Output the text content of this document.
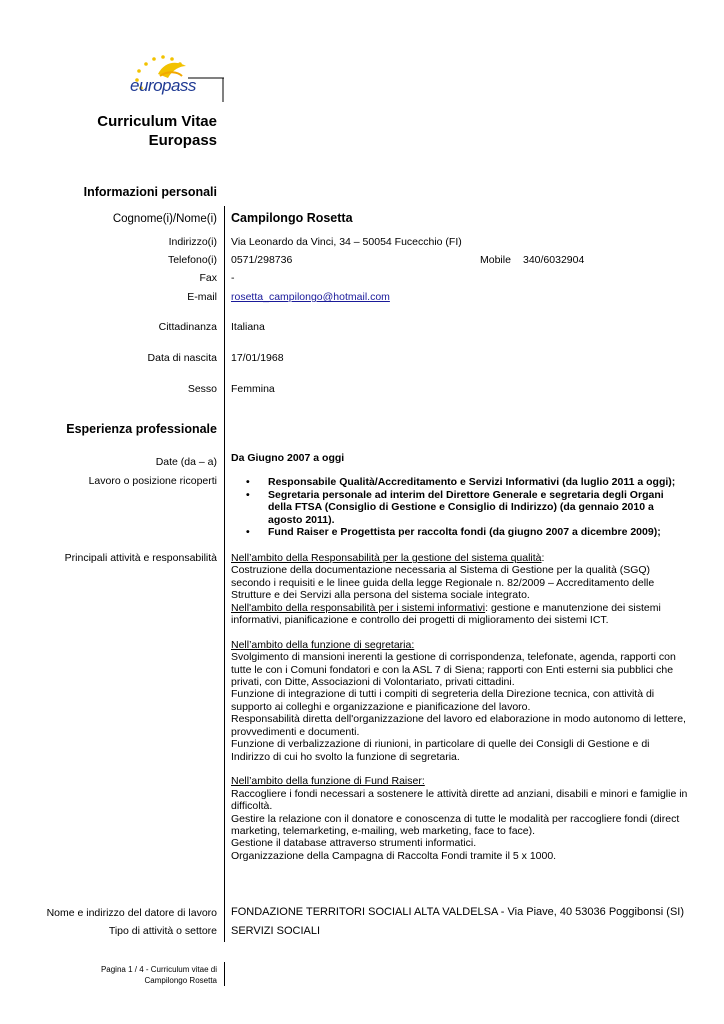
europass
Curriculum Vitae
Europass
Informazioni personali
Cognome(i)/Nome(i) Campilongo Rosetta
Indirizzo(i) Via Leonardo da Vinci, 34 – 50054 Fucecchio (FI)
Telefono(i) 0571/298736	Mobile 340/6032904
Fax -
E-mail rosetta_campilongo@hotmail.com
Cittadinanza Italiana
Data di nascita 17/01/1968
Sesso Femmina
Esperienza professionale
Date (da – a) Da Giugno 2007 a oggi
Lavoro o posizione ricoperti	• Responsabile Qualità/Accreditamento e Servizi Informativi (da luglio 2011 a oggi);
• Segretaria personale ad interim del Direttore Generale e segretaria degli Organi della FTSA (Consiglio di Gestione e Consiglio di Indirizzo) (da gennaio 2010 a agosto 2011).
• Fund Raiser e Progettista per raccolta fondi (da giugno 2007 a dicembre 2009);
Principali attività e responsabilità Nell’ambito della Responsabilità per la gestione del sistema qualità:

Costruzione della documentazione necessaria al Sistema di Gestione per la qualità (SGQ) secondo i requisiti e le linee guida della legge Regionale n. 82/2009 – Accreditamento delle Strutture e dei Servizi alla persona del sistema sociale integrato.

Nell'ambito della responsabilità per i sistemi informativi: gestione e manutenzione dei sistemi informativi, pianificazione e controllo dei progetti di miglioramento dei sistemi ICT.

Nell’ambito della funzione di segretaria:

Svolgimento di mansioni inerenti la gestione di corrispondenza, telefonate, agenda, rapporti con tutte le con i Comuni fondatori e con la ASL 7 di Siena; rapporti con Enti esterni sia pubblici che privati, con Ditte, Associazioni di Volontariato, privati cittadini.

Funzione di integrazione di tutti i compiti di segreteria della Direzione tecnica, con attività di supporto ai colleghi e organizzazione e pianificazione del lavoro.

Responsabilità diretta dell'organizzazione del lavoro ed elaborazione in modo autonomo di lettere, provvedimenti e documenti.

Funzione di verbalizzazione di riunioni, in particolare di quelle dei Consigli di Gestione e di Indirizzo di cui ho svolto la funzione di segretaria.

Nell’ambito della funzione di Fund Raiser:

Raccogliere i fondi necessari a sostenere le attività dirette ad anziani, disabili e minori e famiglie in difficoltà.

Gestire la relazione con il donatore e conoscenza di tutte le modalità per raccogliere fondi (direct marketing, telemarketing, e-mailing, web marketing, face to face).

Gestione il database attraverso strumenti informatici.

Organizzazione della Campagna di Raccolta Fondi tramite il 5 x 1000.

Nome e indirizzo del datore di lavoro FONDAZIONE TERRITORI SOCIALI ALTA VALDELSA - Via Piave, 40 53036 Poggibonsi (SI)
Tipo di attività o settore SERVIZI SOCIALI
Pagina 1 / 4 - Curriculum vitae di
Campilongo Rosetta
